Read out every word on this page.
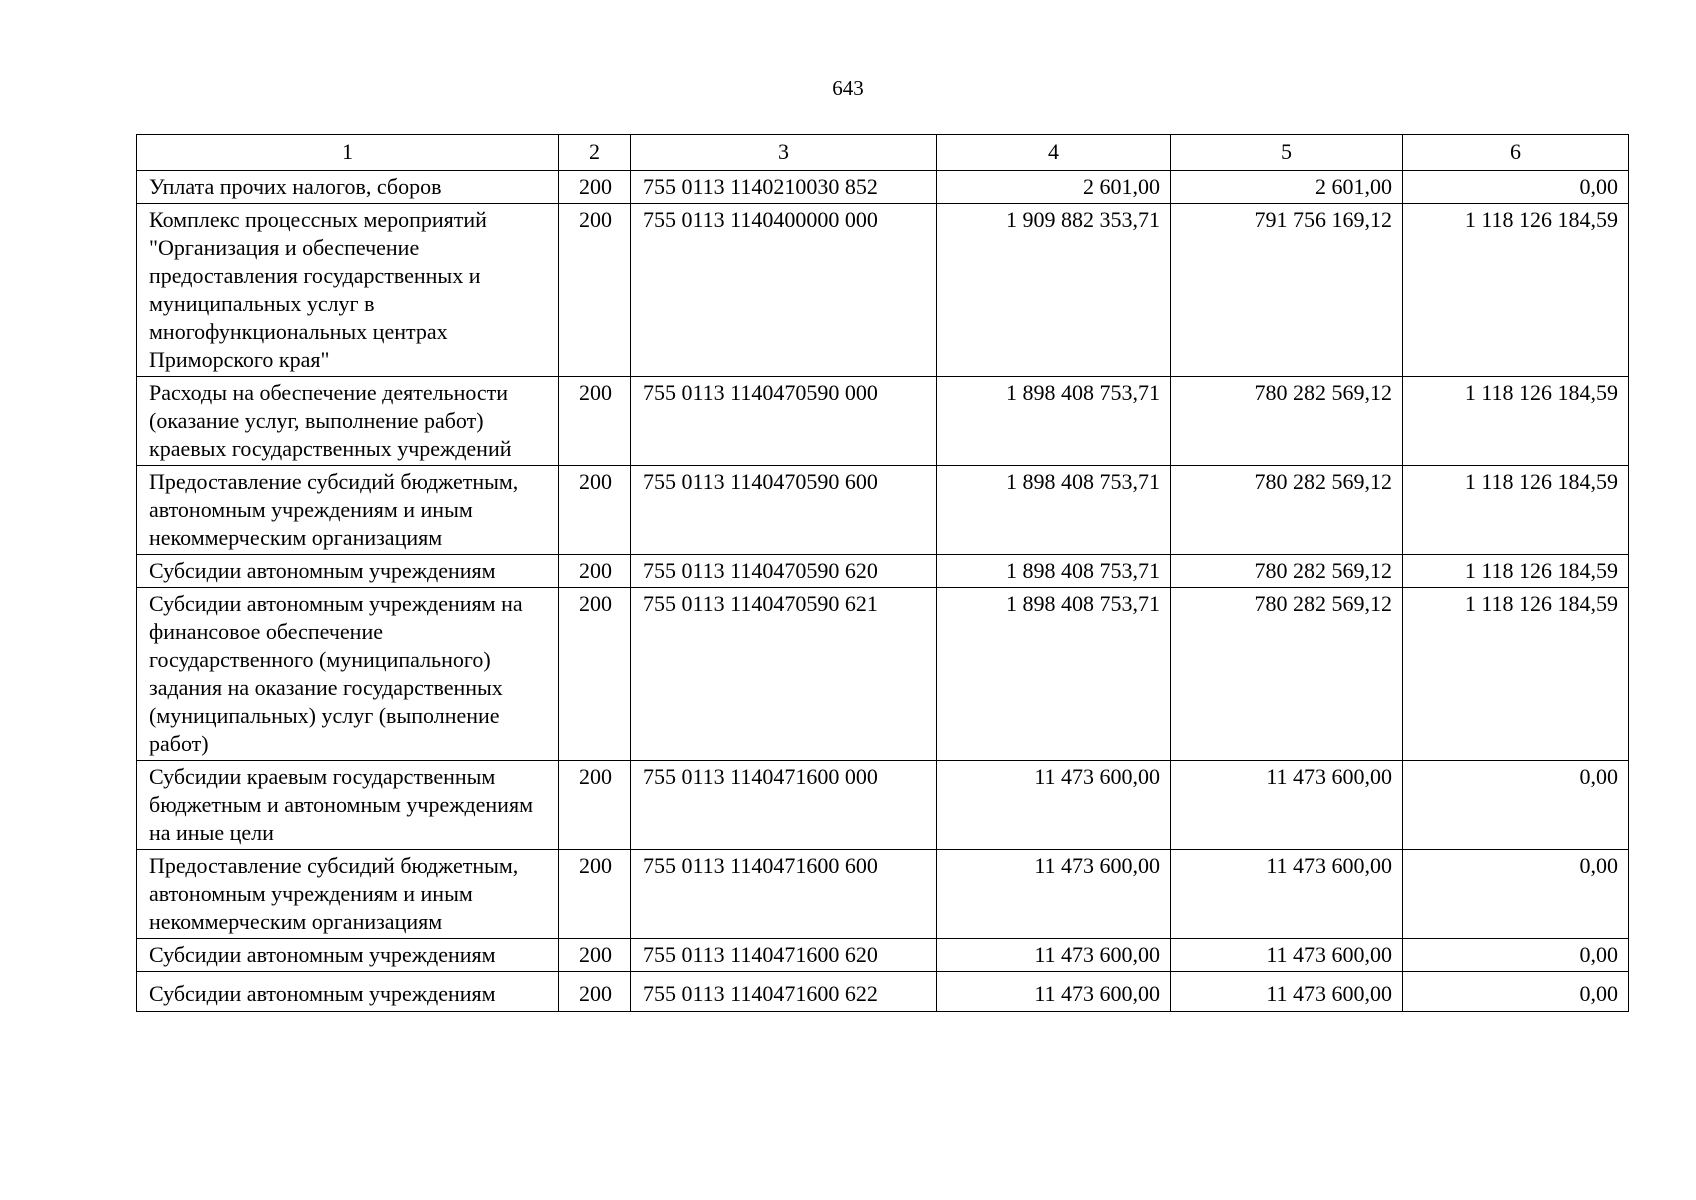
643
1	2	3	4	5	6
Уплата прочих налогов, сборов	200	755 0113 1140210030 852	2 601,00	2 601,00	0,00
Комплекс процессных мероприятий "Организация и обеспечение предоставления государственных и муниципальных услуг в многофункциональных центрах Приморского края"	200	755 0113 1140400000 000	1 909 882 353,71	791 756 169,12	1 118 126 184,59
Расходы на обеспечение деятельности (оказание услуг, выполнение работ) краевых государственных учреждений	200	755 0113 1140470590 000	1 898 408 753,71	780 282 569,12	1 118 126 184,59
Предоставление субсидий бюджетным, автономным учреждениям и иным некоммерческим организациям	200	755 0113 1140470590 600	1 898 408 753,71	780 282 569,12	1 118 126 184,59
Субсидии автономным учреждениям	200	755 0113 1140470590 620	1 898 408 753,71	780 282 569,12	1 118 126 184,59
Субсидии автономным учреждениям на финансовое обеспечение государственного (муниципального) задания на оказание государственных (муниципальных) услуг (выполнение работ)	200	755 0113 1140470590 621	1 898 408 753,71	780 282 569,12	1 118 126 184,59
Субсидии краевым государственным бюджетным и автономным учреждениям на иные цели	200	755 0113 1140471600 000	11 473 600,00	11 473 600,00	0,00
Предоставление субсидий бюджетным, автономным учреждениям и иным некоммерческим организациям	200	755 0113 1140471600 600	11 473 600,00	11 473 600,00	0,00
Субсидии автономным учреждениям	200	755 0113 1140471600 620	11 473 600,00	11 473 600,00	0,00
Субсидии автономным учреждениям	200	755 0113 1140471600 622	11 473 600,00	11 473 600,00	0,00
